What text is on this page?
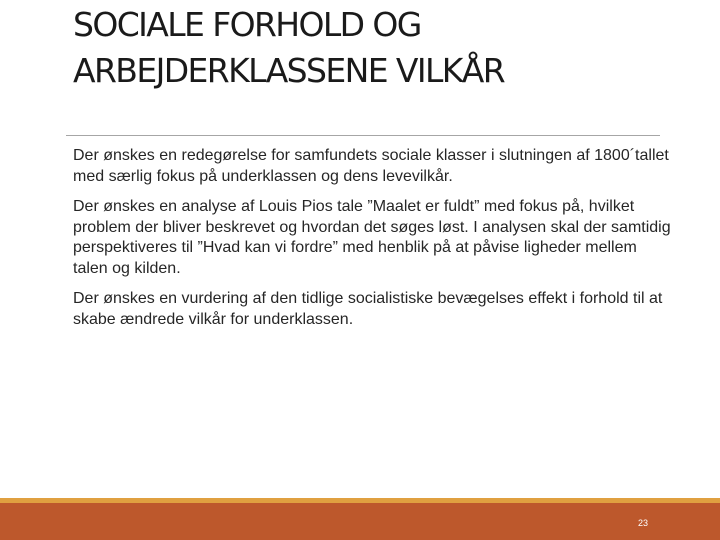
SOCIALE FORHOLD OG
ARBEJDERKLASSENE VILKÅR

Der ønskes en redegørelse for samfundets sociale klasser i slutningen af 1800´tallet med særlig fokus på underklassen og dens levevilkår.

Der ønskes en analyse af Louis Pios tale ”Maalet er fuldt” med fokus på, hvilket problem der bliver beskrevet og hvordan det søges løst. I analysen skal der samtidig perspektiveres til ”Hvad kan vi fordre” med henblik på at påvise ligheder mellem talen og kilden.

Der ønskes en vurdering af den tidlige socialistiske bevægelses effekt i forhold til at skabe ændrede vilkår for underklassen.

23
